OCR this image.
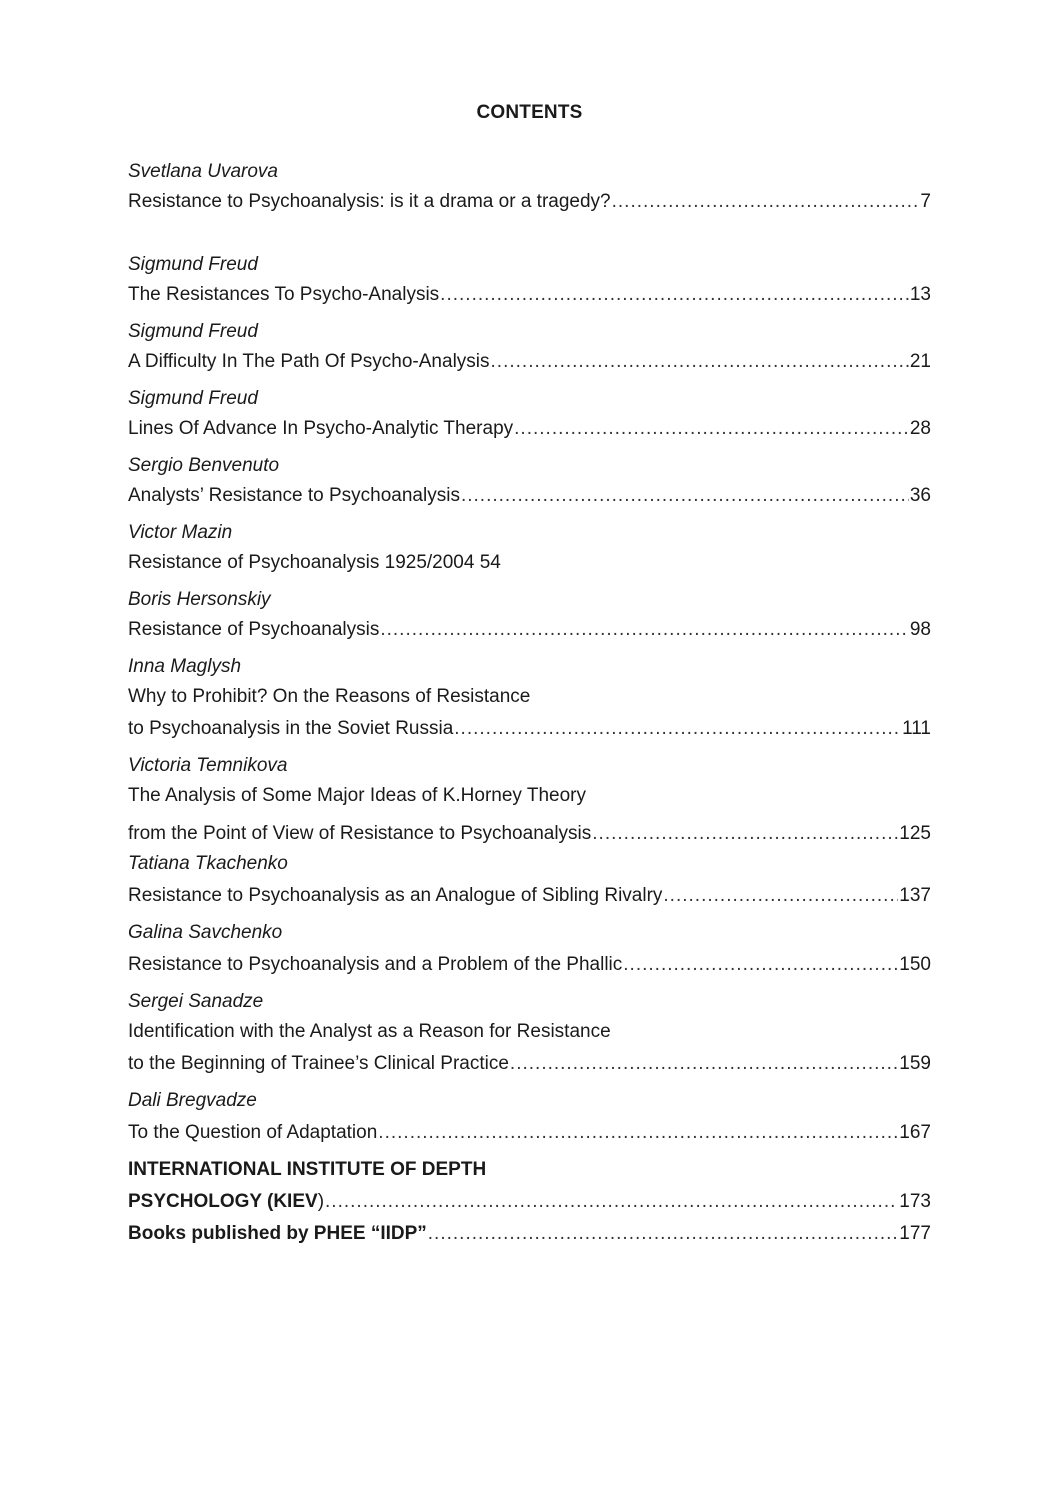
CONTENTS
Svetlana Uvarova
Resistance to Psychoanalysis: is it a drama or a tragedy? .....	7
Sigmund Freud
The Resistances To Psycho-Analysis .....	13
Sigmund Freud
A Difficulty In The Path Of Psycho-Analysis .....	21
Sigmund Freud
Lines Of Advance In Psycho-Analytic Therapy .....	28
Sergio Benvenuto
Analysts’ Resistance to Psychoanalysis .....	36
Victor Mazin
Resistance of Psychoanalysis 1925/2004 54
Boris Hersonskiy
Resistance of Psychoanalysis .....	98
Inna Maglysh
Why to Prohibit? On the Reasons of Resistance
to Psychoanalysis in the Soviet Russia .....	111
Victoria Temnikova
The Analysis of Some Major Ideas of K.Horney Theory
from the Point of View of Resistance to Psychoanalysis .....	125
Tatiana Tkachenko
Resistance to Psychoanalysis as an Analogue of Sibling Rivalry .....	137
Galina Savchenko
Resistance to Psychoanalysis and a Problem of the Phallic .....	150
Sergei Sanadze
Identification with the Analyst as a Reason for Resistance
to the Beginning of Trainee’s Clinical Practice .....	159
Dali Bregvadze
To the Question of Adaptation .....	167
INTERNATIONAL INSTITUTE OF DEPTH
PSYCHOLOGY (KIEV) .....	173
Books published by PHEE “IIDP” .....	177
